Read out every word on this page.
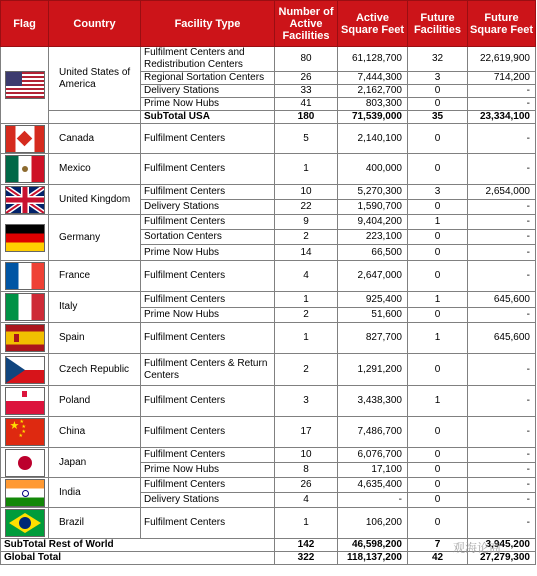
Flag	Country	Facility Type	Number of Active Facilities	Active Square Feet	Future Facilities	Future Square Feet

	United States of America	Fulfilment Centers and Redistribution Centers	80	61,128,700	32	22,619,900
		Regional Sortation Centers	26	7,444,300	3	714,200
		Delivery Stations	33	2,162,700	0	-
		Prime Now Hubs	41	803,300	0	-
		SubTotal USA	180	71,539,000	35	23,334,100

	Canada	Fulfilment Centers	5	2,140,100	0	-

	Mexico	Fulfilment Centers	1	400,000	0	-

	United Kingdom	Fulfilment Centers	10	5,270,300	3	2,654,000
		Delivery Stations	22	1,590,700	0	-
	Germany	Fulfilment Centers	9	9,404,200	1	-
		Sortation Centers	2	223,100	0	-
		Prime Now Hubs	14	66,500	0	-
	France	Fulfilment Centers	4	2,647,000	0	-
	Italy	Fulfilment Centers	1	925,400	1	645,600
		Prime Now Hubs	2	51,600	0	-

	Spain	Fulfilment Centers	1	827,700	1	645,600

	Czech Republic	Fulfilment Centers & Return Centers	2	1,291,200	0	-

	Poland	Fulfilment Centers	3	3,438,300	1	-

★ ★
★
★
★	China	Fulfilment Centers	17	7,486,700	0	-

	Japan	Fulfilment Centers	10	6,076,700	0	-
		Prime Now Hubs	8	17,100	0	-

	India	Fulfilment Centers	26	4,635,400	0	-
		Delivery Stations	4	-	0	-

	Brazil	Fulfilment Centers	1	106,200	0	-
SubTotal Rest of World			142	46,598,200	7	3,945,200
Global Total			322	118,137,200	42	27,279,300
观海论商
